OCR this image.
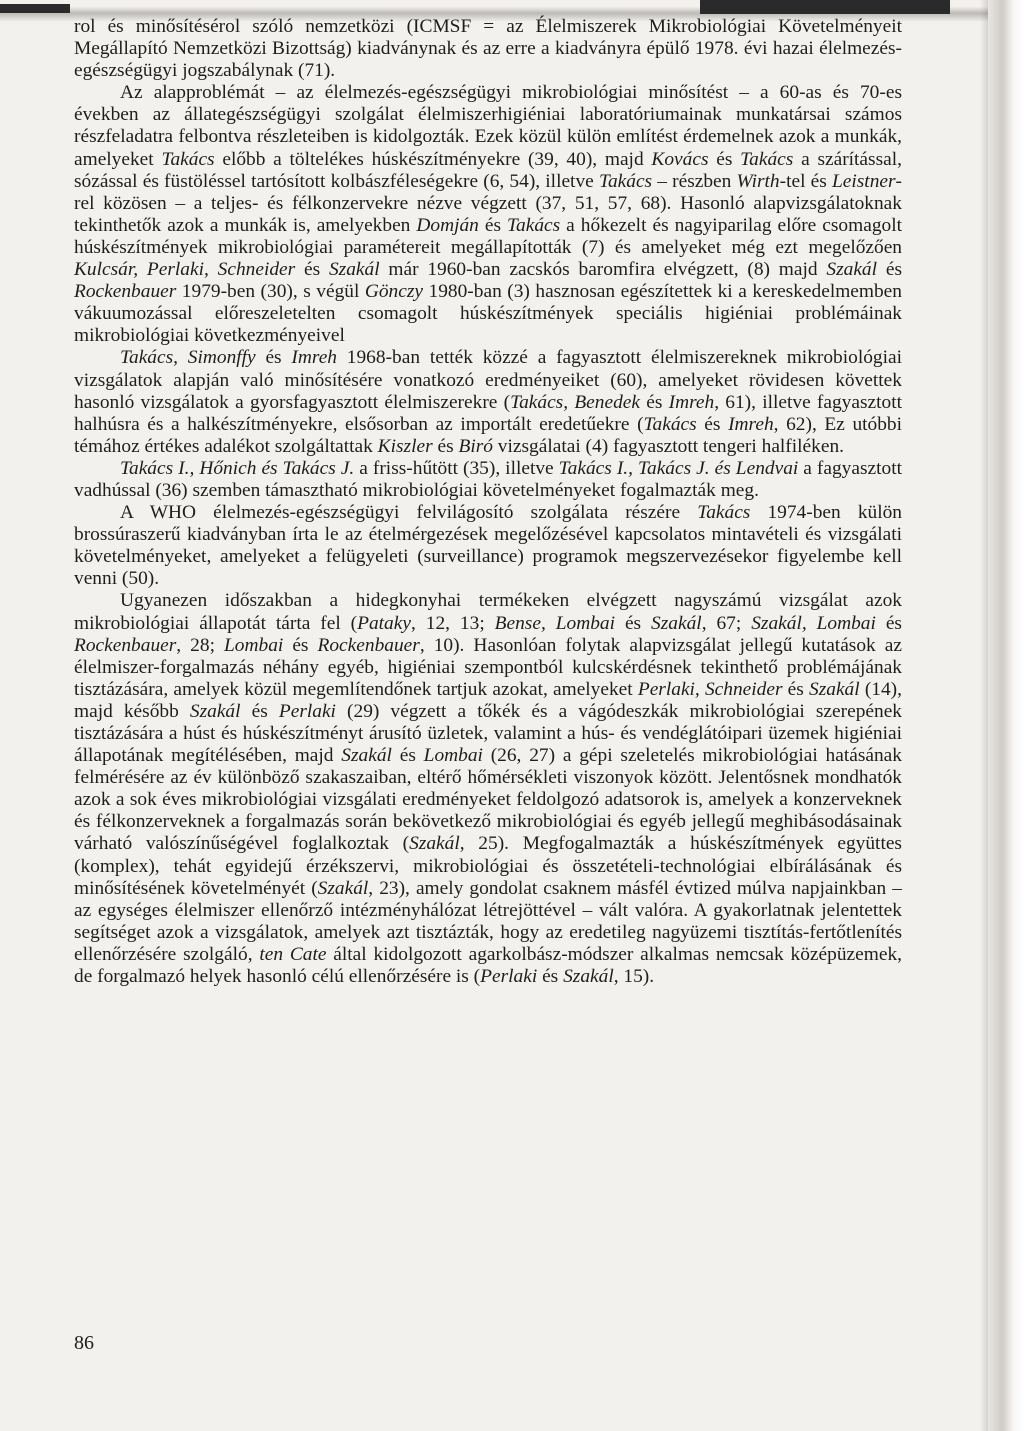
rol és minősítésérol szóló nemzetközi (ICMSF = az Élelmiszerek Mikrobiológiai Követelményeit Megállapító Nemzetközi Bizottság) kiadványnak és az erre a kiadványra épülő 1978. évi hazai élelmezés-egészségügyi jogszabálynak (71).

Az alapproblémát – az élelmezés-egészségügyi mikrobiológiai minősítést – a 60-as és 70-es években az állategészségügyi szolgálat élelmiszerhigiéniai laboratóriumainak munkatársai számos részfeladatra felbontva részleteiben is kidolgozták. Ezek közül külön említést érdemelnek azok a munkák, amelyeket Takács előbb a töltelékes húskészítményekre (39, 40), majd Kovács és Takács a szárítással, sózással és füstöléssel tartósított kolbászféleségekre (6, 54), illetve Takács – részben Wirth-tel és Leistner-rel közösen – a teljes- és félkonzervekre nézve végzett (37, 51, 57, 68). Hasonló alapvizsgálatoknak tekinthetők azok a munkák is, amelyekben Domján és Takács a hőkezelt és nagyiparilag előre csomagolt húskészítmények mikrobiológiai paramétereit megállapították (7) és amelyeket még ezt megelőzően Kulcsár, Perlaki, Schneider és Szakál már 1960-ban zacskós baromfira elvégzett, (8) majd Szakál és Rockenbauer 1979-ben (30), s végül Gönczy 1980-ban (3) hasznosan egészítettek ki a kereskedelmemben vákuumozással előreszeletelten csomagolt húskészítmények speciális higiéniai problémáinak mikrobiológiai következményeivel

Takács, Simonffy és Imreh 1968-ban tették közzé a fagyasztott élelmiszereknek mikrobiológiai vizsgálatok alapján való minősítésére vonatkozó eredményeiket (60), amelyeket rövidesen követtek hasonló vizsgálatok a gyorsfagyasztott élelmiszerekre (Takács, Benedek és Imreh, 61), illetve fagyasztott halhúsra és a halkészítményekre, elsősorban az importált eredetűekre (Takács és Imreh, 62), Ez utóbbi témához értékes adalékot szolgáltattak Kiszler és Biró vizsgálatai (4) fagyasztott tengeri halfiléken.

Takács I., Hőnich és Takács J. a friss-hűtött (35), illetve Takács I., Takács J. és Lendvai a fagyasztott vadhússal (36) szemben támasztható mikrobiológiai követelményeket fogalmazták meg.

A WHO élelmezés-egészségügyi felvilágosító szolgálata részére Takács 1974-ben külön brossúraszerű kiadványban írta le az ételmérgezések megelőzésével kapcsolatos mintavételi és vizsgálati követelményeket, amelyeket a felügyeleti (surveillance) programok megszervezésekor figyelembe kell venni (50).

Ugyanezen időszakban a hidegkonyhai termékeken elvégzett nagyszámú vizsgálat azok mikrobiológiai állapotát tárta fel (Pataky, 12, 13; Bense, Lombai és Szakál, 67; Szakál, Lombai és Rockenbauer, 28; Lombai és Rockenbauer, 10). Hasonlóan folytak alapvizsgálat jellegű kutatások az élelmiszer-forgalmazás néhány egyéb, higiéniai szempontból kulcskérdésnek tekinthető problémájának tisztázására, amelyek közül megemlítendőnek tartjuk azokat, amelyeket Perlaki, Schneider és Szakál (14), majd később Szakál és Perlaki (29) végzett a tőkék és a vágódeszkák mikrobiológiai szerepének tisztázására a húst és húskészítményt árusító üzletek, valamint a hús- és vendéglátóipari üzemek higiéniai állapotának megítélésében, majd Szakál és Lombai (26, 27) a gépi szeletelés mikrobiológiai hatásának felmérésére az év különböző szakaszaiban, eltérő hőmérsékleti viszonyok között. Jelentősnek mondhatók azok a sok éves mikrobiológiai vizsgálati eredményeket feldolgozó adatsorok is, amelyek a konzerveknek és félkonzerveknek a forgalmazás során bekövetkező mikrobiológiai és egyéb jellegű meghibásodásainak várható valószínűségével foglalkoztak (Szakál, 25). Megfogalmazták a húskészítmények együttes (komplex), tehát egyidejű érzékszervi, mikrobiológiai és összetételi-technológiai elbírálásának és minősítésének követelményét (Szakál, 23), amely gondolat csaknem másfél évtized múlva napjainkban – az egységes élelmiszer ellenőrző intézményhálózat létrejöttével – vált valóra. A gyakorlatnak jelentettek segítséget azok a vizsgálatok, amelyek azt tisztázták, hogy az eredetileg nagyüzemi tisztítás-fertőtlenítés ellenőrzésére szolgáló, ten Cate által kidolgozott agarkolbász-módszer alkalmas nemcsak középüzemek, de forgalmazó helyek hasonló célú ellenőrzésére is (Perlaki és Szakál, 15).

86
